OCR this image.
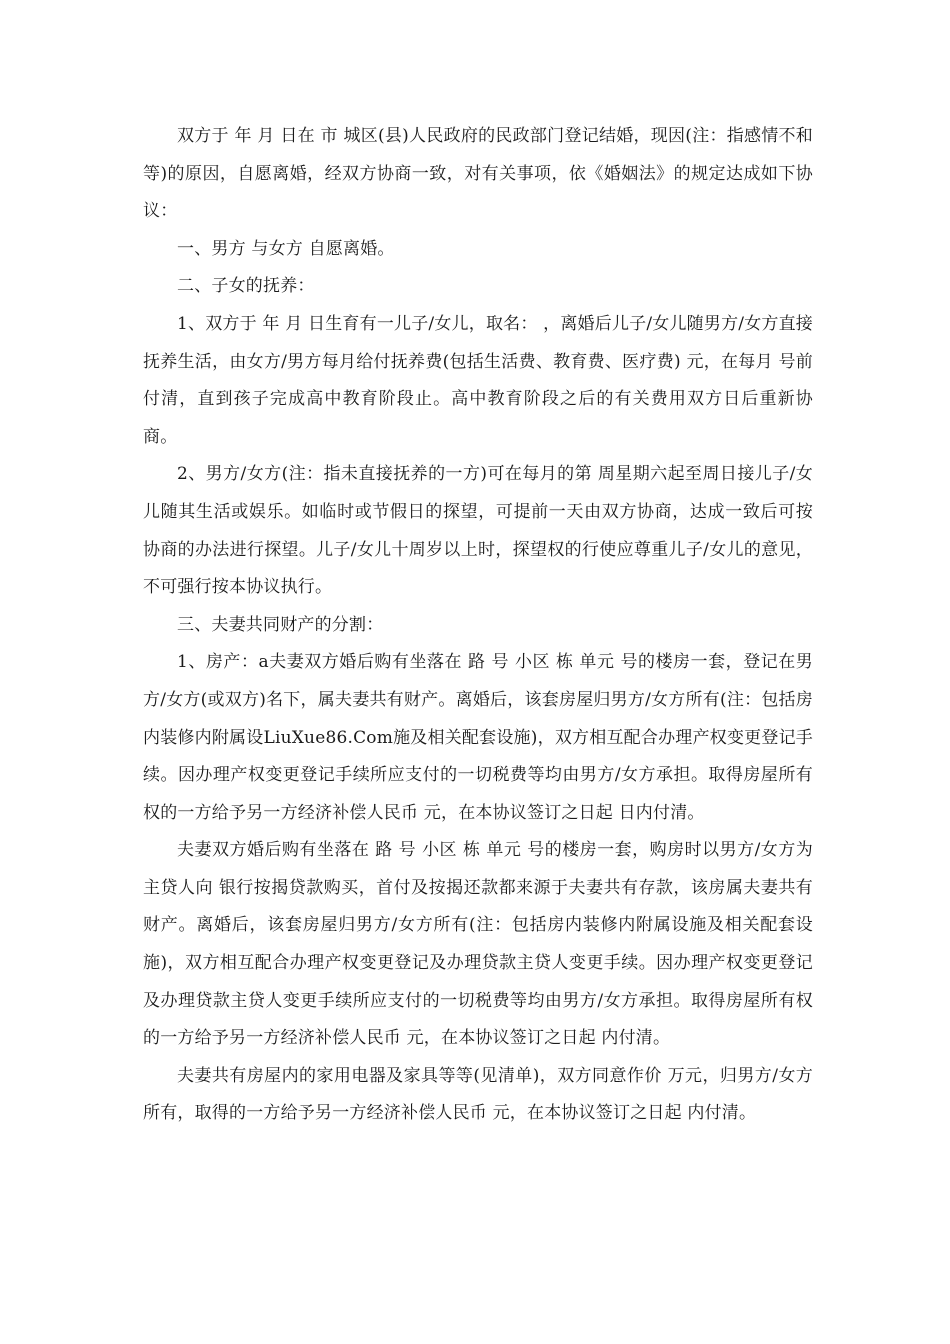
双方于 年 月 日在 市 城区(县)人民政府的民政部门登记结婚，现因(注：指感情不和等)的原因，自愿离婚，经双方协商一致，对有关事项，依《婚姻法》的规定达成如下协议：

一、男方 与女方 自愿离婚。

二、子女的抚养：

1、双方于 年 月 日生育有一儿子/女儿，取名： ，离婚后儿子/女儿随男方/女方直接抚养生活，由女方/男方每月给付抚养费(包括生活费、教育费、医疗费) 元，在每月 号前付清，直到孩子完成高中教育阶段止。高中教育阶段之后的有关费用双方日后重新协商。

2、男方/女方(注：指未直接抚养的一方)可在每月的第 周星期六起至周日接儿子/女儿随其生活或娱乐。如临时或节假日的探望，可提前一天由双方协商，达成一致后可按协商的办法进行探望。儿子/女儿十周岁以上时，探望权的行使应尊重儿子/女儿的意见，不可强行按本协议执行。

三、夫妻共同财产的分割：

1、房产：a夫妻双方婚后购有坐落在 路 号 小区 栋 单元 号的楼房一套，登记在男方/女方(或双方)名下，属夫妻共有财产。离婚后，该套房屋归男方/女方所有(注：包括房内装修内附属设LiuXue86.Com施及相关配套设施)，双方相互配合办理产权变更登记手续。因办理产权变更登记手续所应支付的一切税费等均由男方/女方承担。取得房屋所有权的一方给予另一方经济补偿人民币 元，在本协议签订之日起 日内付清。

夫妻双方婚后购有坐落在 路 号 小区 栋 单元 号的楼房一套，购房时以男方/女方为主贷人向 银行按揭贷款购买，首付及按揭还款都来源于夫妻共有存款，该房属夫妻共有财产。离婚后，该套房屋归男方/女方所有(注：包括房内装修内附属设施及相关配套设施)，双方相互配合办理产权变更登记及办理贷款主贷人变更手续。因办理产权变更登记及办理贷款主贷人变更手续所应支付的一切税费等均由男方/女方承担。取得房屋所有权的一方给予另一方经济补偿人民币 元，在本协议签订之日起 内付清。

夫妻共有房屋内的家用电器及家具等等(见清单)，双方同意作价 万元，归男方/女方所有，取得的一方给予另一方经济补偿人民币 元，在本协议签订之日起 内付清。
